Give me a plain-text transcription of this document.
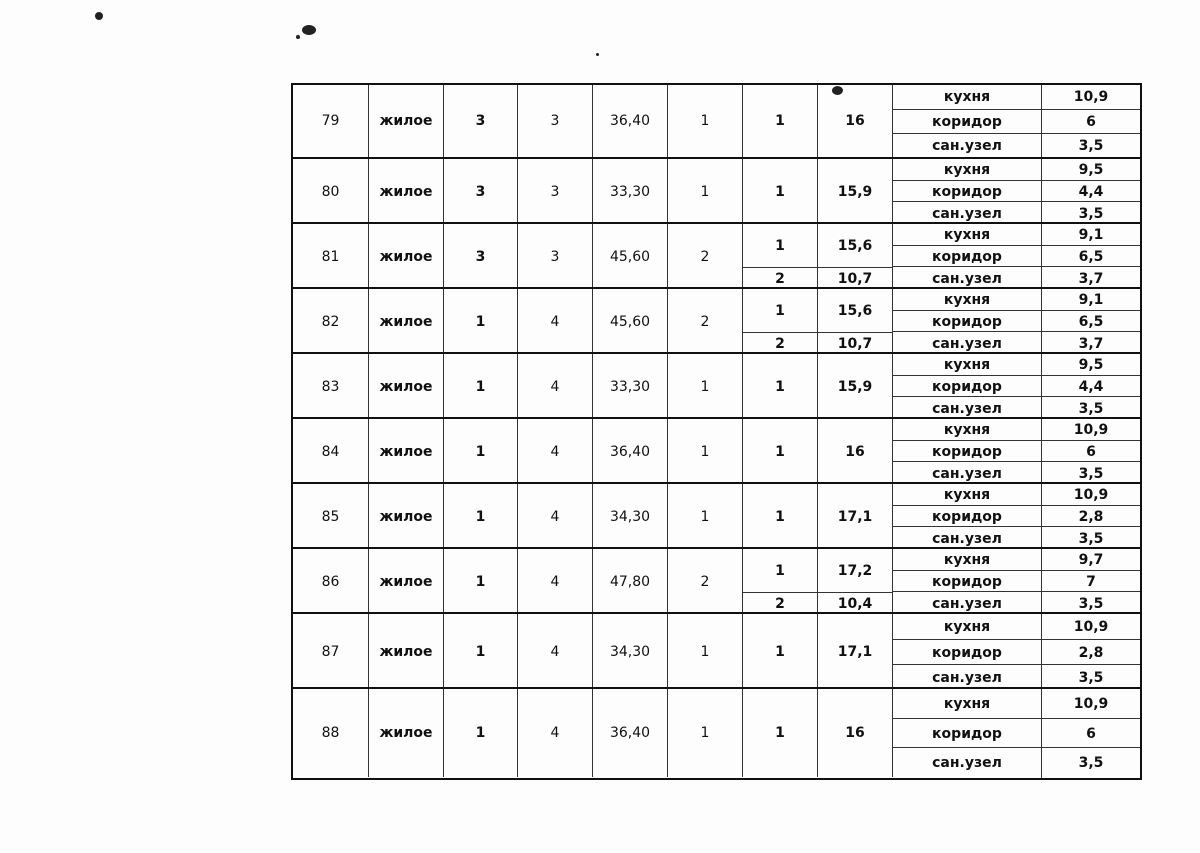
79	жилое	3	3	36,40	1	1	16
кухня	10,9
коридор	6
сан.узел	3,5
80	жилое	3	3	33,30	1	1	15,9
кухня	9,5
коридор	4,4
сан.узел	3,5
81	жилое	3	3	45,60	2
1	15,6
2	10,7
кухня	9,1
коридор	6,5
сан.узел	3,7
82	жилое	1	4	45,60	2
1	15,6
2	10,7
кухня	9,1
коридор	6,5
сан.узел	3,7
83	жилое	1	4	33,30	1	1	15,9
кухня	9,5
коридор	4,4
сан.узел	3,5
84	жилое	1	4	36,40	1	1	16
кухня	10,9
коридор	6
сан.узел	3,5
85	жилое	1	4	34,30	1	1	17,1
кухня	10,9
коридор	2,8
сан.узел	3,5
86	жилое	1	4	47,80	2
1	17,2
2	10,4
кухня	9,7
коридор	7
сан.узел	3,5
87	жилое	1	4	34,30	1	1	17,1
кухня	10,9
коридор	2,8
сан.узел	3,5
88	жилое	1	4	36,40	1	1	16
кухня	10,9
коридор	6
сан.узел	3,5
